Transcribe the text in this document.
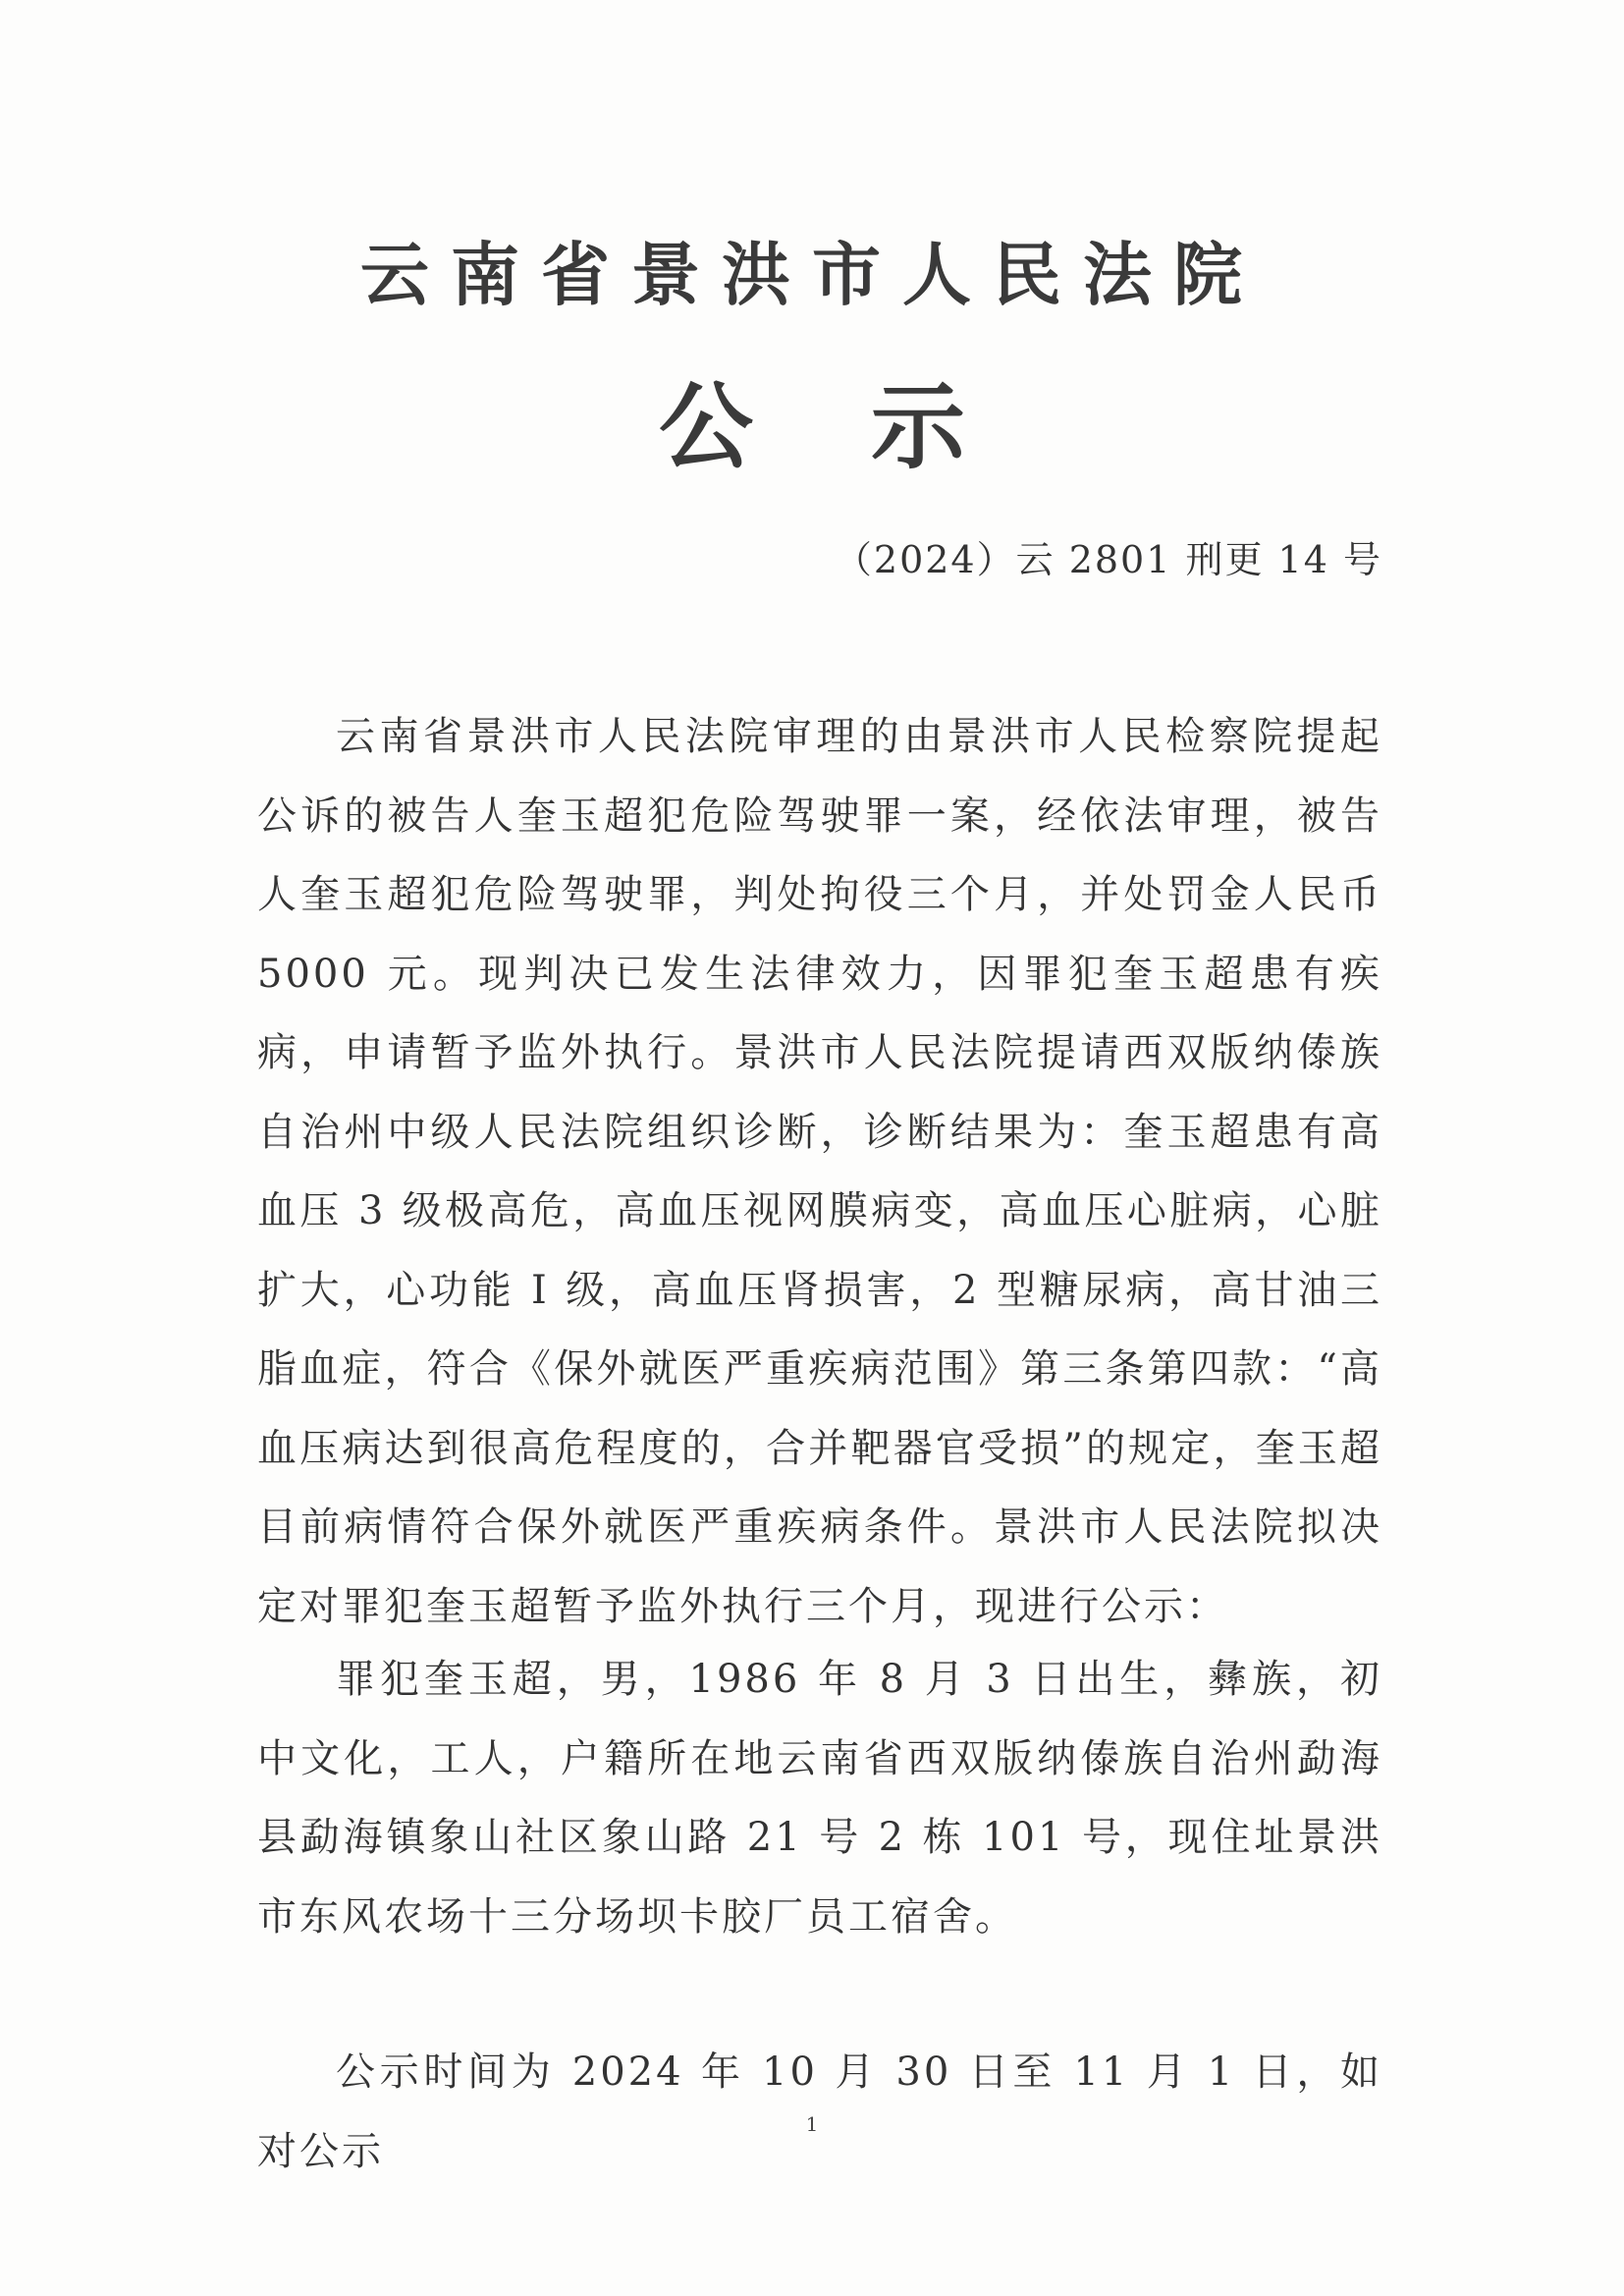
云南省景洪市人民法院
公示
（2024）云 2801 刑更 14 号

云南省景洪市人民法院审理的由景洪市人民检察院提起公诉的被告人奎玉超犯危险驾驶罪一案，经依法审理，被告人奎玉超犯危险驾驶罪，判处拘役三个月，并处罚金人民币 5000 元。现判决已发生法律效力，因罪犯奎玉超患有疾病，申请暂予监外执行。景洪市人民法院提请西双版纳傣族自治州中级人民法院组织诊断，诊断结果为：奎玉超患有高血压 3 级极高危，高血压视网膜病变，高血压心脏病，心脏扩大，心功能 I 级，高血压肾损害，2 型糖尿病，高甘油三脂血症，符合《保外就医严重疾病范围》第三条第四款：“高血压病达到很高危程度的，合并靶器官受损”的规定，奎玉超目前病情符合保外就医严重疾病条件。景洪市人民法院拟决定对罪犯奎玉超暂予监外执行三个月，现进行公示：

罪犯奎玉超，男，1986 年 8 月 3 日出生，彝族，初中文化，工人，户籍所在地云南省西双版纳傣族自治州勐海县勐海镇象山社区象山路 21 号 2 栋 101 号，现住址景洪市东风农场十三分场坝卡胶厂员工宿舍。

公示时间为 2024 年 10 月 30 日至 11 月 1 日，如对公示

1
